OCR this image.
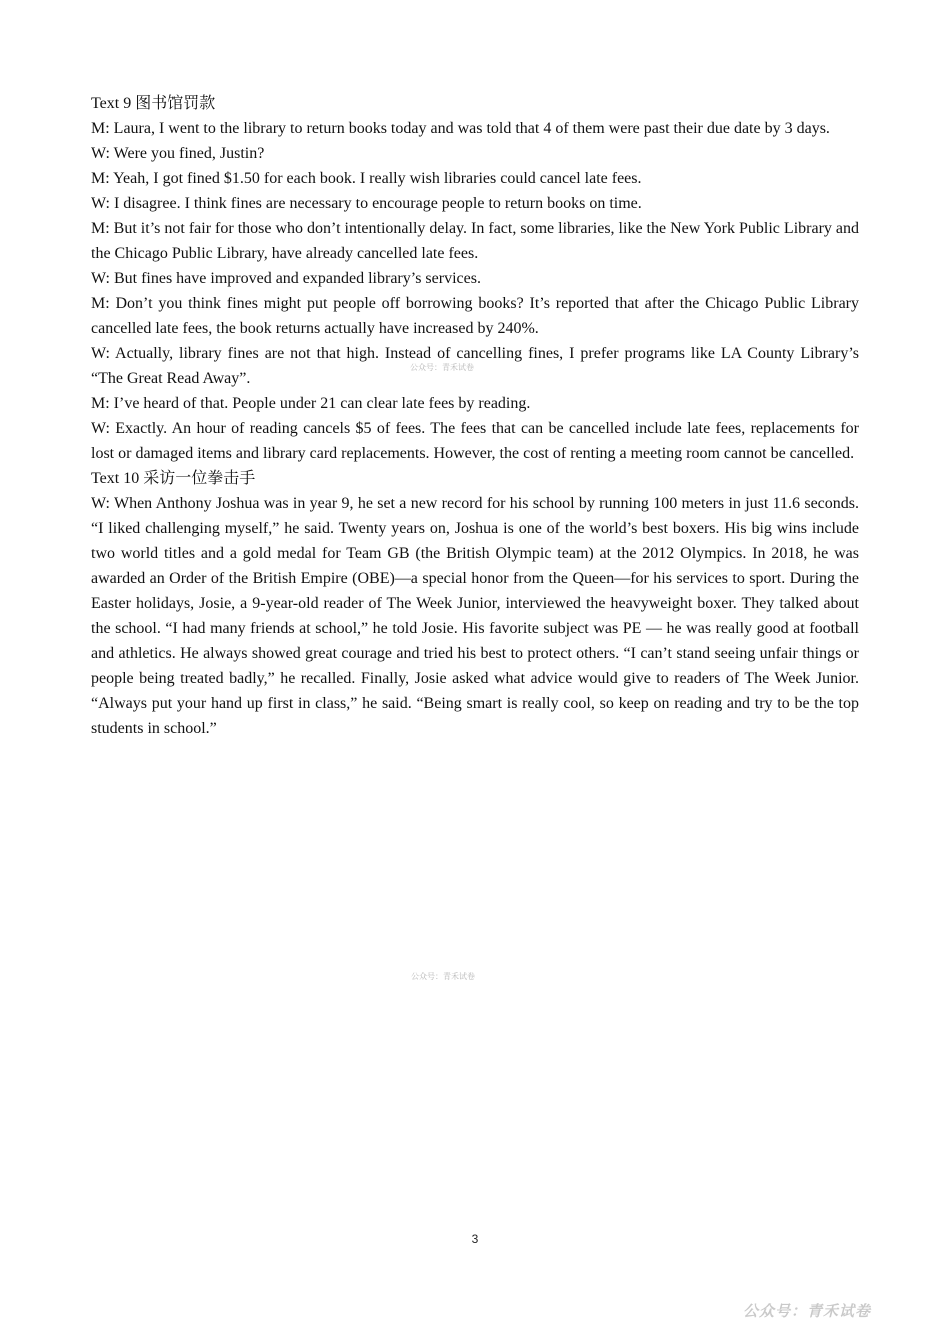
Text 9 图书馆罚款

M: Laura, I went to the library to return books today and was told that 4 of them were past their due date by 3 days.

W: Were you fined, Justin?

M: Yeah, I got fined $1.50 for each book. I really wish libraries could cancel late fees.

W: I disagree. I think fines are necessary to encourage people to return books on time.

M: But it’s not fair for those who don’t intentionally delay. In fact, some libraries, like the New York Public Library and the Chicago Public Library, have already cancelled late fees.

W: But fines have improved and expanded library’s services.

M: Don’t you think fines might put people off borrowing books? It’s reported that after the Chicago Public Library cancelled late fees, the book returns actually have increased by 240%.

W: Actually, library fines are not that high. Instead of cancelling fines, I prefer programs like LA County Library’s “The Great Read Away”.

M: I’ve heard of that. People under 21 can clear late fees by reading.

W: Exactly. An hour of reading cancels $5 of fees. The fees that can be cancelled include late fees, replacements for lost or damaged items and library card replacements. However, the cost of renting a meeting room cannot be cancelled.

Text 10 采访一位拳击手

W: When Anthony Joshua was in year 9, he set a new record for his school by running 100 meters in just 11.6 seconds. “I liked challenging myself,” he said. Twenty years on, Joshua is one of the world’s best boxers. His big wins include two world titles and a gold medal for Team GB (the British Olympic team) at the 2012 Olympics. In 2018, he was awarded an Order of the British Empire (OBE)—a special honor from the Queen—for his services to sport. During the Easter holidays, Josie, a 9-year-old reader of The Week Junior, interviewed the heavyweight boxer. They talked about the school. “I had many friends at school,” he told Josie. His favorite subject was PE — he was really good at football and athletics. He always showed great courage and tried his best to protect others. “I can’t stand seeing unfair things or people being treated badly,” he recalled. Finally, Josie asked what advice would give to readers of The Week Junior. “Always put your hand up first in class,” he said. “Being smart is really cool, so keep on reading and try to be the top students in school.”

公众号：青禾试卷
公众号：青禾试卷
3
公众号：青禾试卷
